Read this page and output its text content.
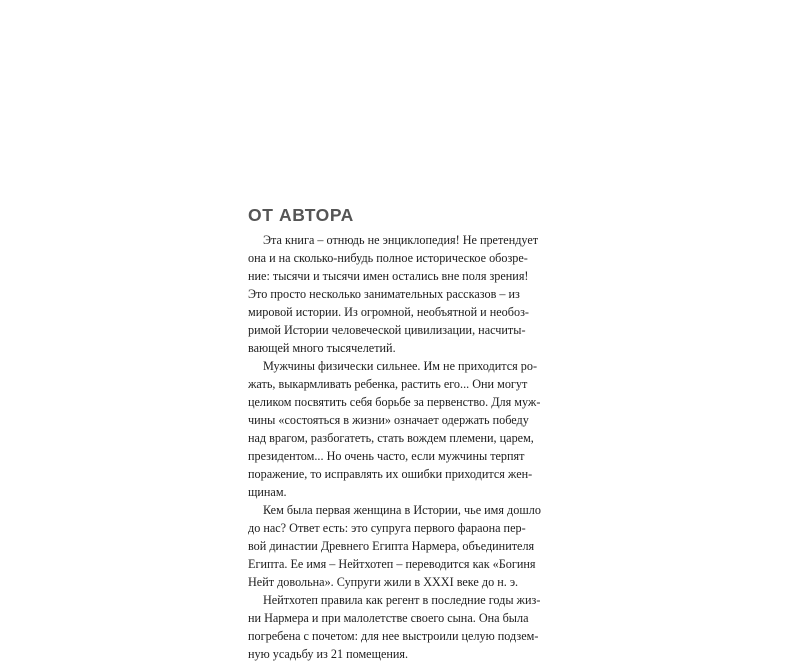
ОТ АВТОРА
Эта книга – отнюдь не энциклопедия! Не претендует
она и на сколько-нибудь полное историческое обозре-
ние: тысячи и тысячи имен остались вне поля зрения!
Это просто несколько занимательных рассказов – из
мировой истории. Из огромной, необъятной и необоз-
римой Истории человеческой цивилизации, насчиты-
вающей много тысячелетий.
Мужчины физически сильнее. Им не приходится ро-
жать, выкармливать ребенка, растить его... Они могут
целиком посвятить себя борьбе за первенство. Для муж-
чины «состояться в жизни» означает одержать победу
над врагом, разбогатеть, стать вождем племени, царем,
президентом... Но очень часто, если мужчины терпят
поражение, то исправлять их ошибки приходится жен-
щинам.
Кем была первая женщина в Истории, чье имя дошло
до нас? Ответ есть: это супруга первого фараона пер-
вой династии Древнего Египта Нармера, объединителя
Египта. Ее имя – Нейтхотеп – переводится как «Богиня
Нейт довольна». Супруги жили в XXXI веке до н. э.
Нейтхотеп правила как регент в последние годы жиз-
ни Нармера и при малолетстве своего сына. Она была
погребена с почетом: для нее выстроили целую подзем-
ную усадьбу из 21 помещения.
